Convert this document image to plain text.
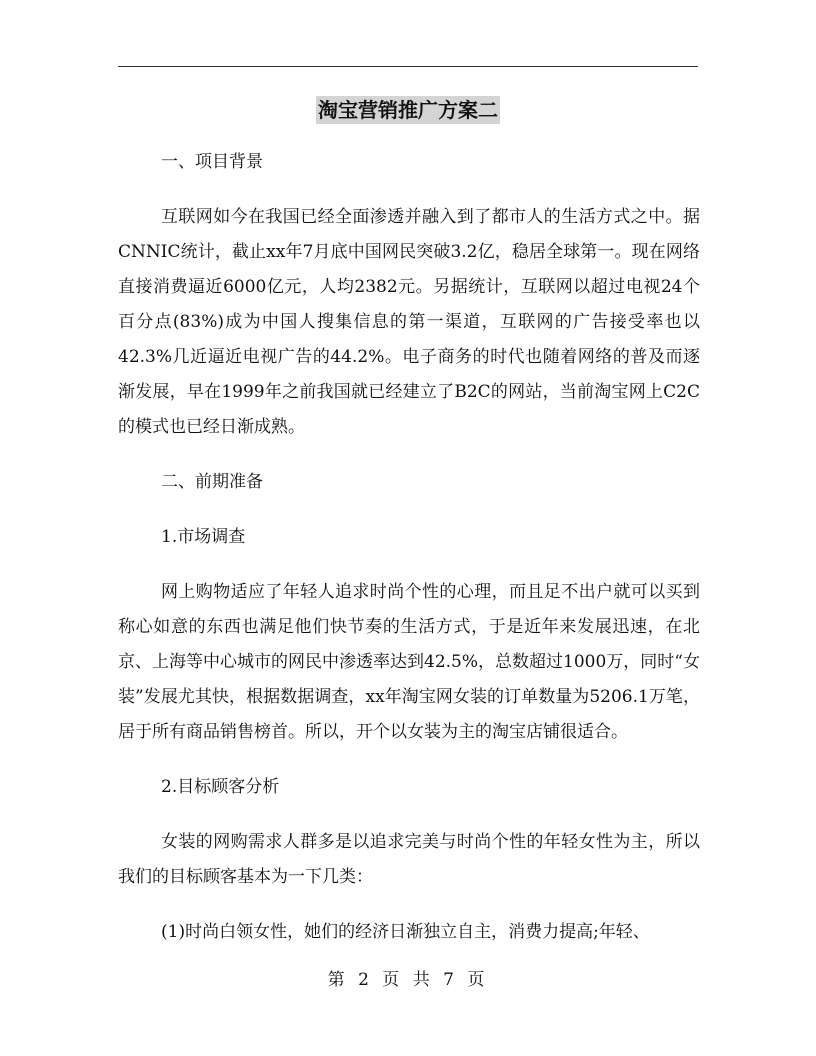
淘宝营销推广方案二
一、项目背景
互联网如今在我国已经全面渗透并融入到了都市人的生活方式之中。据CNNIC统计，截止xx年7月底中国网民突破3.2亿，稳居全球第一。现在网络直接消费逼近6000亿元，人均2382元。另据统计，互联网以超过电视24个百分点(83%)成为中国人搜集信息的第一渠道，互联网的广告接受率也以42.3%几近逼近电视广告的44.2%。电子商务的时代也随着网络的普及而逐渐发展，早在1999年之前我国就已经建立了B2C的网站，当前淘宝网上C2C的模式也已经日渐成熟。
二、前期准备
1.市场调查
网上购物适应了年轻人追求时尚个性的心理，而且足不出户就可以买到称心如意的东西也满足他们快节奏的生活方式，于是近年来发展迅速，在北京、上海等中心城市的网民中渗透率达到42.5%，总数超过1000万，同时“女装”发展尤其快，根据数据调查，xx年淘宝网女装的订单数量为5206.1万笔，居于所有商品销售榜首。所以，开个以女装为主的淘宝店铺很适合。
2.目标顾客分析
女装的网购需求人群多是以追求完美与时尚个性的年轻女性为主，所以我们的目标顾客基本为一下几类：
(1)时尚白领女性，她们的经济日渐独立自主，消费力提高;年轻、
第 2 页 共 7 页
